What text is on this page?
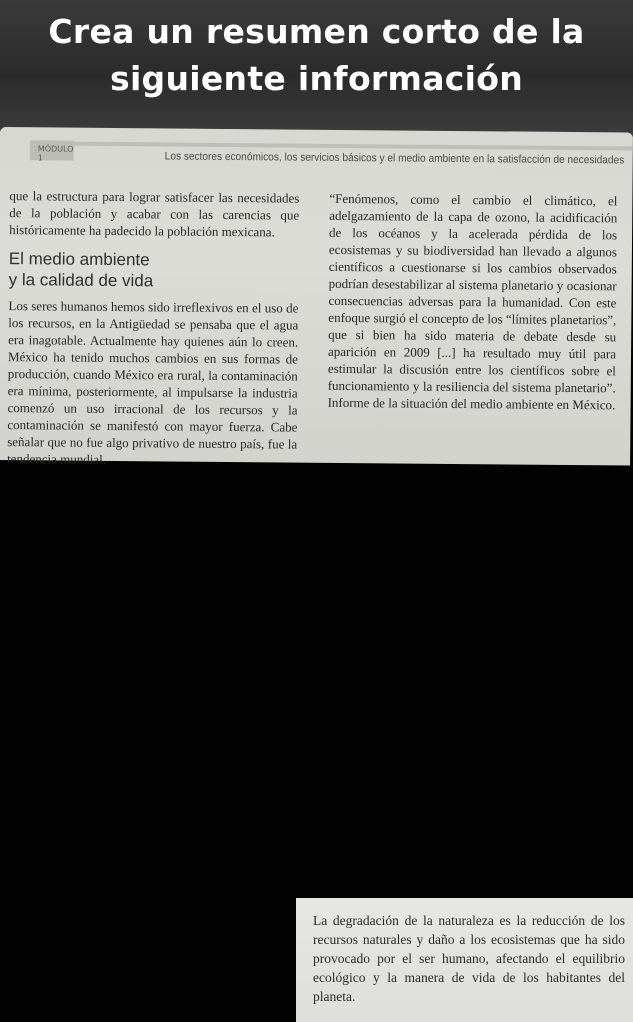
Crea un resumen corto de la siguiente información
MÓDULO 1	Los sectores económicos, los servicios básicos y el medio ambiente en la satisfacción de necesidades

que la estructura para lograr satisfacer las necesidades de la población y acabar con las carencias que históricamente ha padecido la población mexicana.

El medio ambiente
y la calidad de vida

Los seres humanos hemos sido irreflexivos en el uso de los recursos, en la Antigüedad se pensaba que el agua era inagotable. Actualmente hay quienes aún lo creen. México ha tenido muchos cambios en sus formas de producción, cuando México era rural, la contaminación era mínima, posteriormente, al impulsarse la industria comenzó un uso irracional de los recursos y la contaminación se manifestó con mayor fuerza. Cabe señalar que no fue algo privativo de nuestro país, fue la tendencia mundial.

“Fenómenos, como el cambio el climático, el adelgazamiento de la capa de ozono, la acidificación de los océanos y la acelerada pérdida de los ecosistemas y su biodiversidad han llevado a algunos científicos a cuestionarse si los cambios observados podrían desestabilizar al sistema planetario y ocasionar consecuencias adversas para la humanidad. Con este enfoque surgió el concepto de los “límites planetarios”, que si bien ha sido materia de debate desde su aparición en 2009 [...] ha resultado muy útil para estimular la discusión entre los científicos sobre el funcionamiento y la resiliencia del sistema planetario”. Informe de la situación del medio ambiente en México.

La degradación de la naturaleza es la reducción de los recursos naturales y daño a los ecosistemas que ha sido provocado por el ser humano, afectando el equilibrio ecológico y la manera de vida de los habitantes del planeta.
